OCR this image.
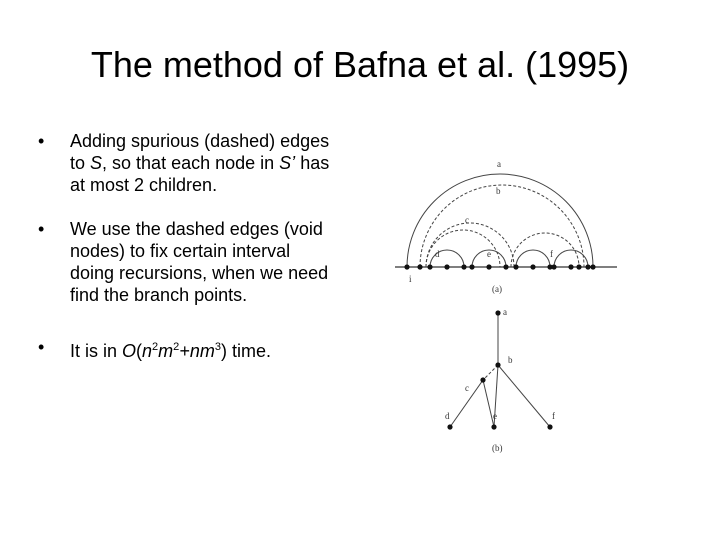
The method of Bafna et al. (1995)
• Adding spurious (dashed) edges to S, so that each node in S’ has at most 2 children.
• We use the dashed edges (void nodes) to fix certain interval doing recursions, when we need find the branch points.
• It is in $O(n^2m^2+nm^3)$ time.
a
b
c
d	e	f
i
(a)
a
b
c
d	e	f
(b)
